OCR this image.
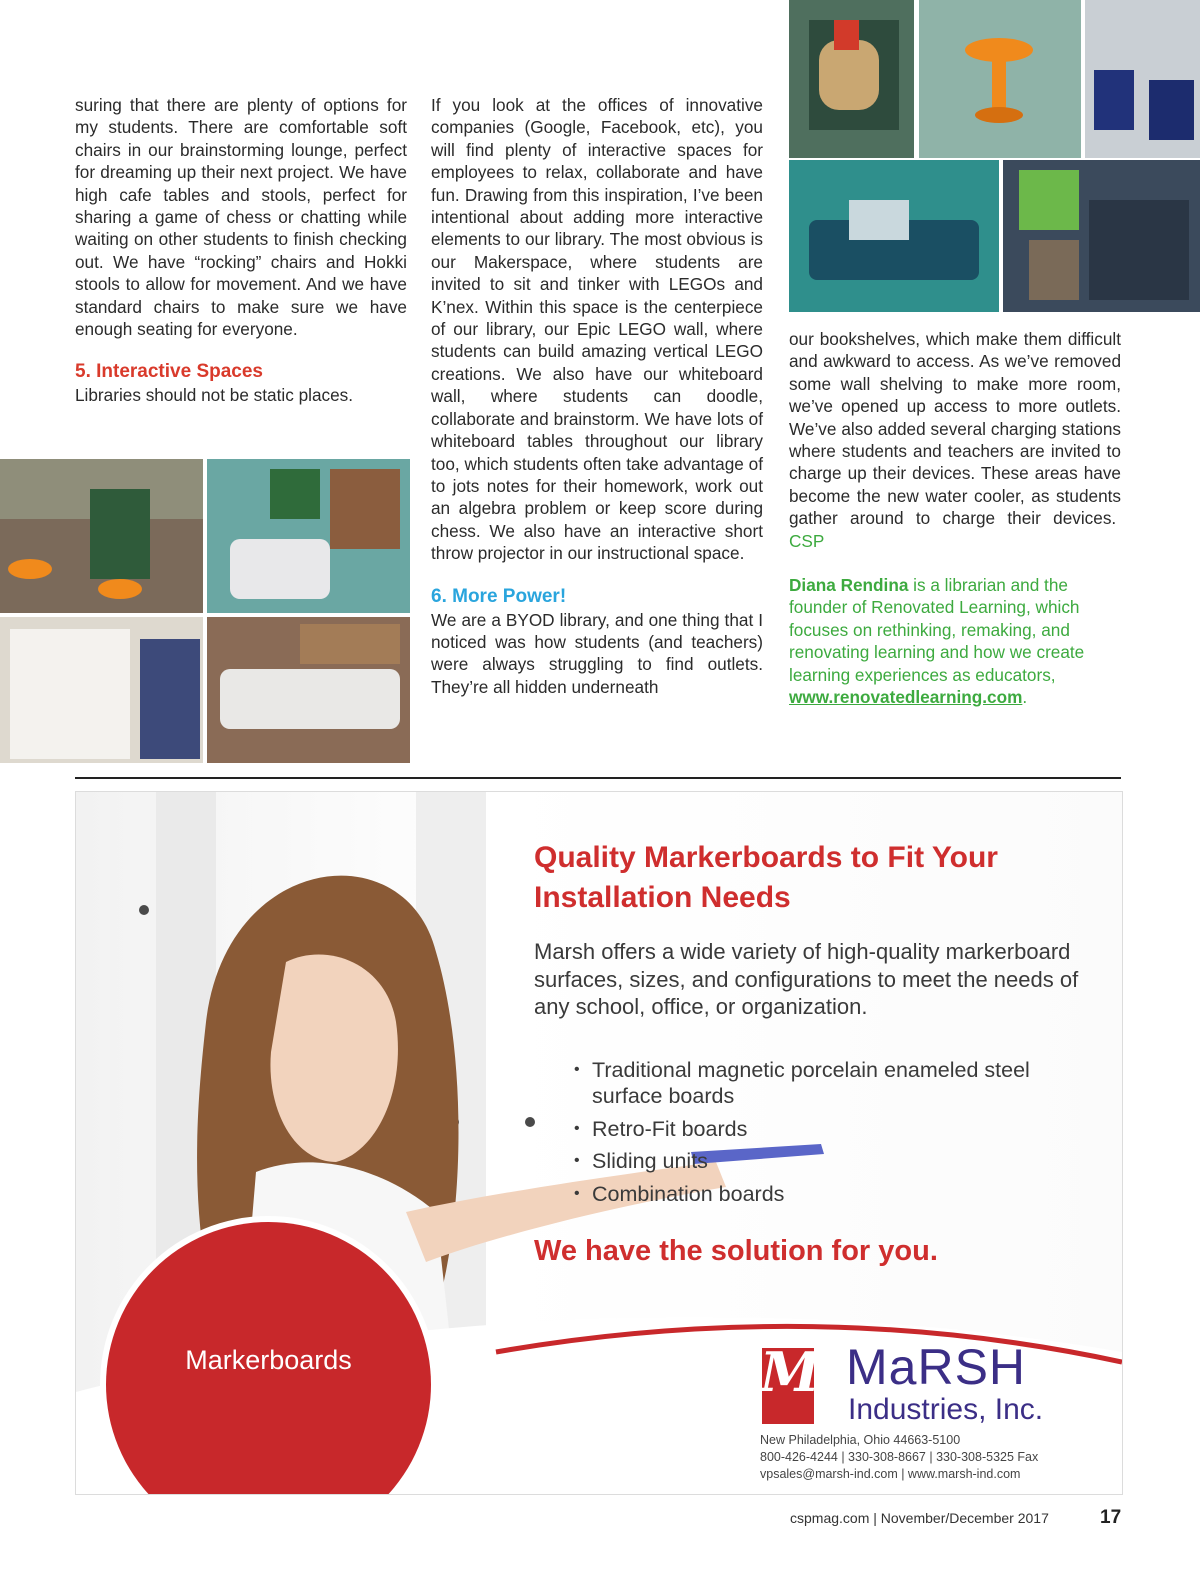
suring that there are plenty of options for my students. There are comfortable soft chairs in our brainstorming lounge, perfect for dreaming up their next project. We have high cafe tables and stools, perfect for sharing a game of chess or chatting while waiting on other students to finish checking out. We have “rocking” chairs and Hokki stools to allow for movement. And we have standard chairs to make sure we have enough seating for everyone.

5. Interactive Spaces

Libraries should not be static places.

If you look at the offices of innovative companies (Google, Facebook, etc), you will find plenty of interactive spaces for employees to relax, collaborate and have fun. Drawing from this inspiration, I’ve been intentional about adding more interactive elements to our library. The most obvious is our Makerspace, where students are invited to sit and tinker with LEGOs and K’nex. Within this space is the centerpiece of our library, our Epic LEGO wall, where students can build amazing vertical LEGO creations. We also have our whiteboard wall, where students can doodle, collaborate and brainstorm. We have lots of whiteboard tables throughout our library too, which students often take advantage of to jots notes for their homework, work out an algebra problem or keep score during chess. We also have an interactive short throw projector in our instructional space.

6. More Power!

We are a BYOD library, and one thing that I noticed was how students (and teachers) were always struggling to find outlets. They’re all hidden underneath

our bookshelves, which make them difficult and awkward to access. As we’ve removed some wall shelving to make more room, we’ve opened up access to more outlets. We’ve also added several charging stations where students and teachers are invited to charge up their devices. These areas have become the new water cooler, as students gather around to charge their devices.  CSP

Diana Rendina is a librarian and the founder of Renovated Learning, which focuses on rethinking, remaking, and renovating learning and how we create learning experiences as educators, www.renovatedlearning.com.
Quality Markerboards to Fit Your
Installation Needs
Marsh offers a wide variety of high-quality markerboard surfaces, sizes, and configurations to meet the needs of any school, office, or organization.
• Traditional magnetic porcelain enameled steel surface boards
• Retro-Fit boards
• Sliding units
• Combination boards
We have the solution for you.
Markerboards	M MaRSH
Industries, Inc.
New Philadelphia, Ohio 44663-5100
800-426-4244 | 330-308-8667 | 330-308-5325 Fax
vpsales@marsh-ind.com | www.marsh-ind.com
cspmag.com | November/December 2017	17
